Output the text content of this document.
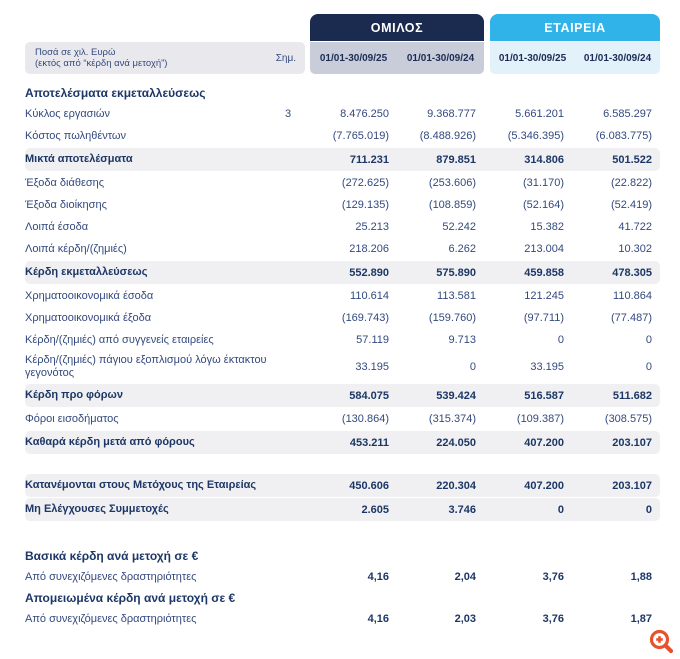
ΟΜΙΛΟΣ	ΕΤΑΙΡΕΙΑ
Ποσά σε χιλ. Ευρώ
(εκτός από “κέρδη ανά μετοχή”)	Σημ.	01/01-30/09/25	01/01-30/09/24	01/01-30/09/25	01/01-30/09/24
Αποτελέσματα εκμεταλλεύσεως
Κύκλος εργασιών	3	8.476.250	9.368.777	5.661.201	6.585.297
Κόστος πωληθέντων	(7.765.019)	(8.488.926)	(5.346.395)	(6.083.775)
Μικτά αποτελέσματα	711.231	879.851	314.806	501.522
Έξοδα διάθεσης	(272.625)	(253.606)	(31.170)	(22.822)
Έξοδα διοίκησης	(129.135)	(108.859)	(52.164)	(52.419)
Λοιπά έσοδα	25.213	52.242	15.382	41.722
Λοιπά κέρδη/(ζημιές)	218.206	6.262	213.004	10.302
Κέρδη εκμεταλλεύσεως	552.890	575.890	459.858	478.305
Χρηματοοικονομικά έσοδα	110.614	113.581	121.245	110.864
Χρηματοοικονομικά έξοδα	(169.743)	(159.760)	(97.711)	(77.487)
Κέρδη/(ζημιές) από συγγενείς εταιρείες	57.119	9.713	0	0
Κέρδη/(ζημιές) πάγιου εξοπλισμού λόγω έκτακτου γεγονότος	33.195	0	33.195	0
Κέρδη προ φόρων	584.075	539.424	516.587	511.682
Φόροι εισοδήματος	(130.864)	(315.374)	(109.387)	(308.575)
Καθαρά κέρδη μετά από φόρους	453.211	224.050	407.200	203.107
Κατανέμονται στους Μετόχους της Εταιρείας	450.606	220.304	407.200	203.107
Μη Ελέγχουσες Συμμετοχές	2.605	3.746	0	0
Βασικά κέρδη ανά μετοχή σε €
Από συνεχιζόμενες δραστηριότητες	4,16	2,04	3,76	1,88
Απομειωμένα κέρδη ανά μετοχή σε €
Από συνεχιζόμενες δραστηριότητες	4,16	2,03	3,76	1,87
